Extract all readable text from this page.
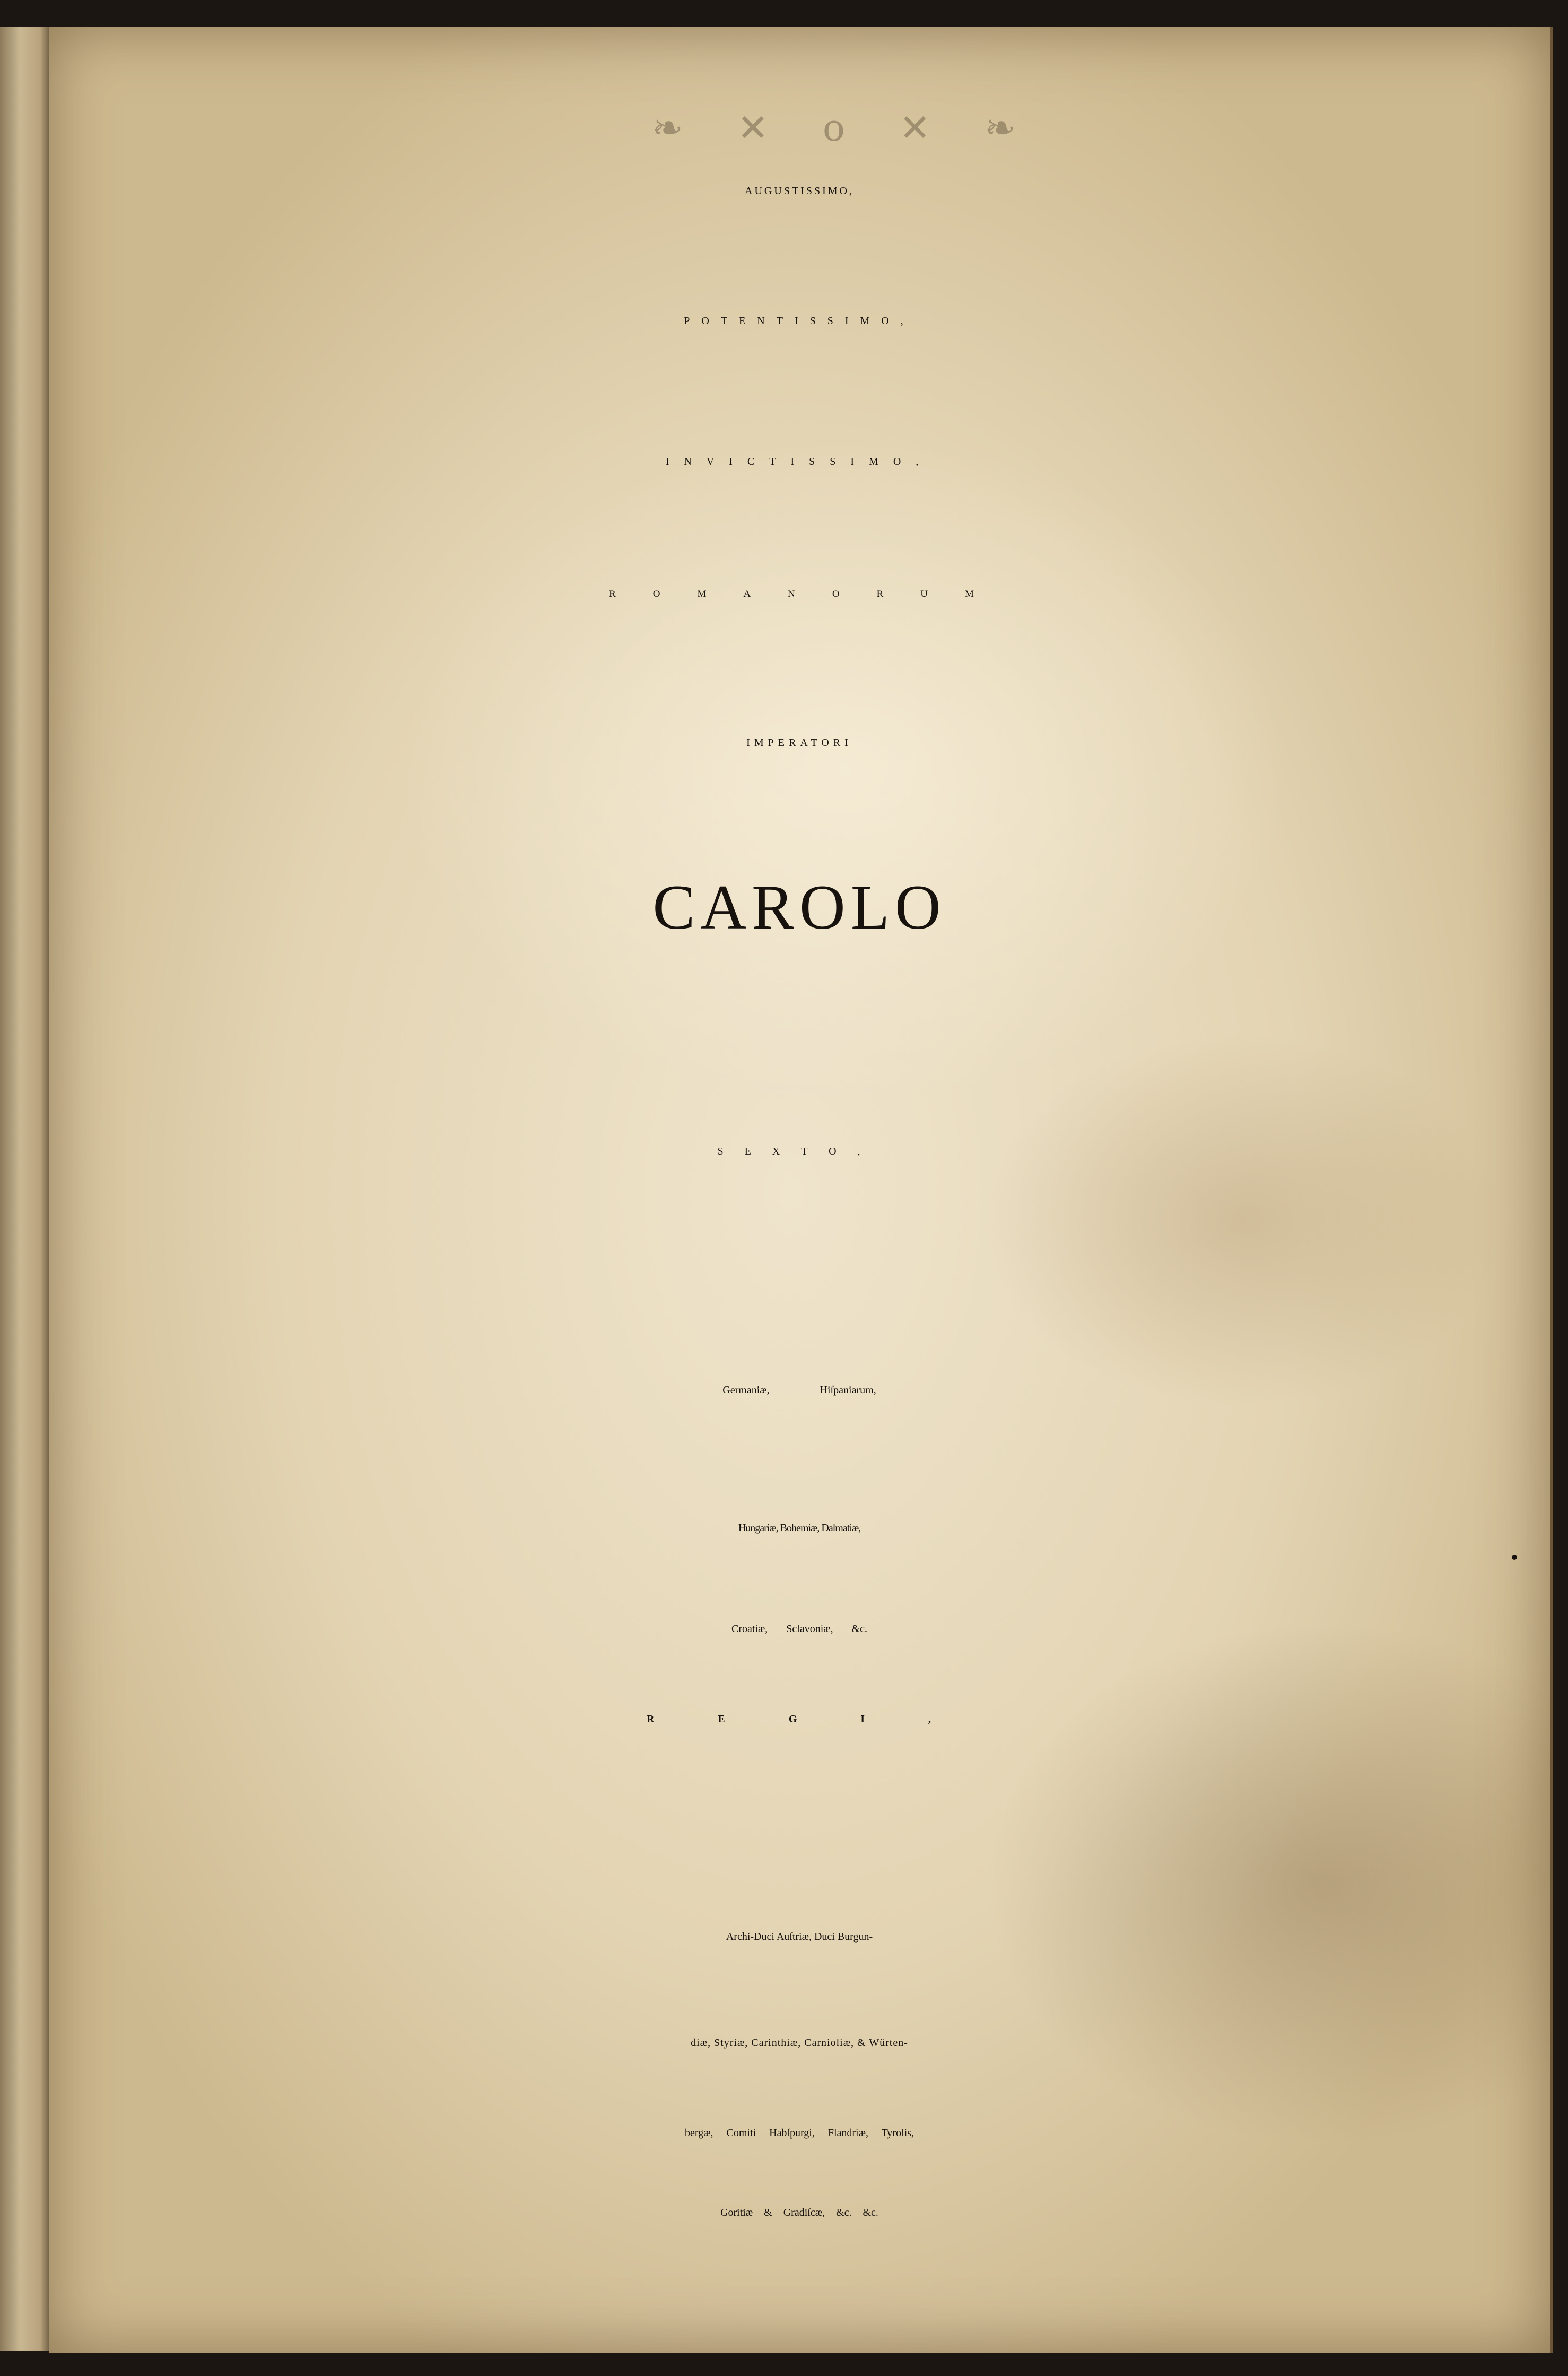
❧ ✕ o ✕ ❧
AUGUSTISSIMO,
POTENTISSIMO,
INVICTISSIMO,
ROMANORUM
IMPERATORI
CAROLO
SEXTO,
Germaniæ, Hiſpaniarum,
Hungariæ, Bohemiæ, Dalmatiæ,
Croatiæ, Sclavoniæ, &c.
REGI,
Archi-Duci Auſtriæ, Duci Burgun-
diæ, Styriæ, Carinthiæ, Carnioliæ, & Würten-
bergæ, Comiti Habſpurgi, Flandriæ, Tyrolis,
Goritiæ & Gradiſcæ, &c. &c.
